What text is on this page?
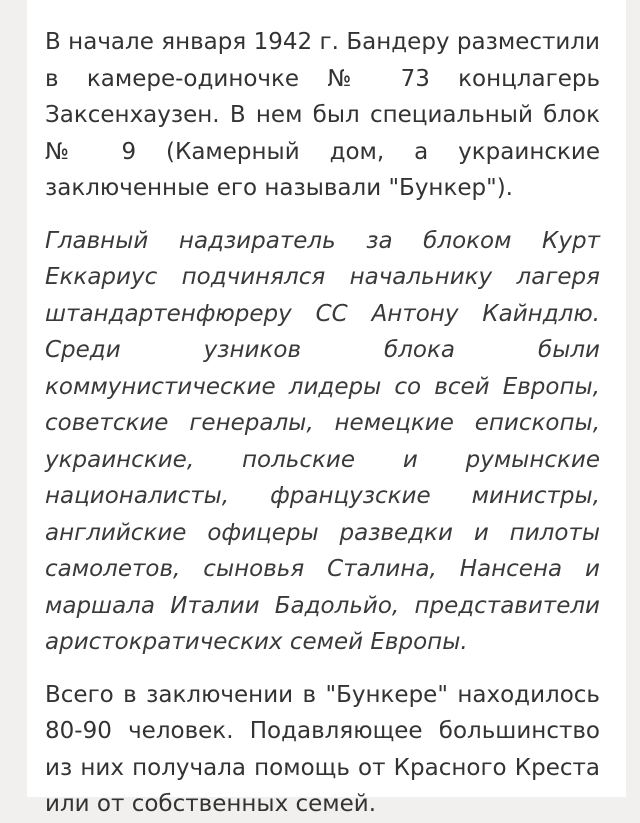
В начале января 1942 г. Бандеру разместили в камере-одиночке № 73 концлагерь Заксенхаузен. В нем был специальный блок № 9 (Камерный дом, а украинские заключенные его называли "Бункер").

Главный надзиратель за блоком Курт Еккариус подчинялся начальнику лагеря штандартенфюреру СС Антону Кайндлю. Среди узников блока были коммунистические лидеры со всей Европы, советские генералы, немецкие епископы, украинские, польские и румынские националисты, французские министры, английские офицеры разведки и пилоты самолетов, сыновья Сталина, Нансена и маршала Италии Бадольйо, представители аристократических семей Европы.

Всего в заключении в "Бункере" находилось 80-90 человек. Подавляющее большинство из них получала помощь от Красного Креста или от собственных семей.
